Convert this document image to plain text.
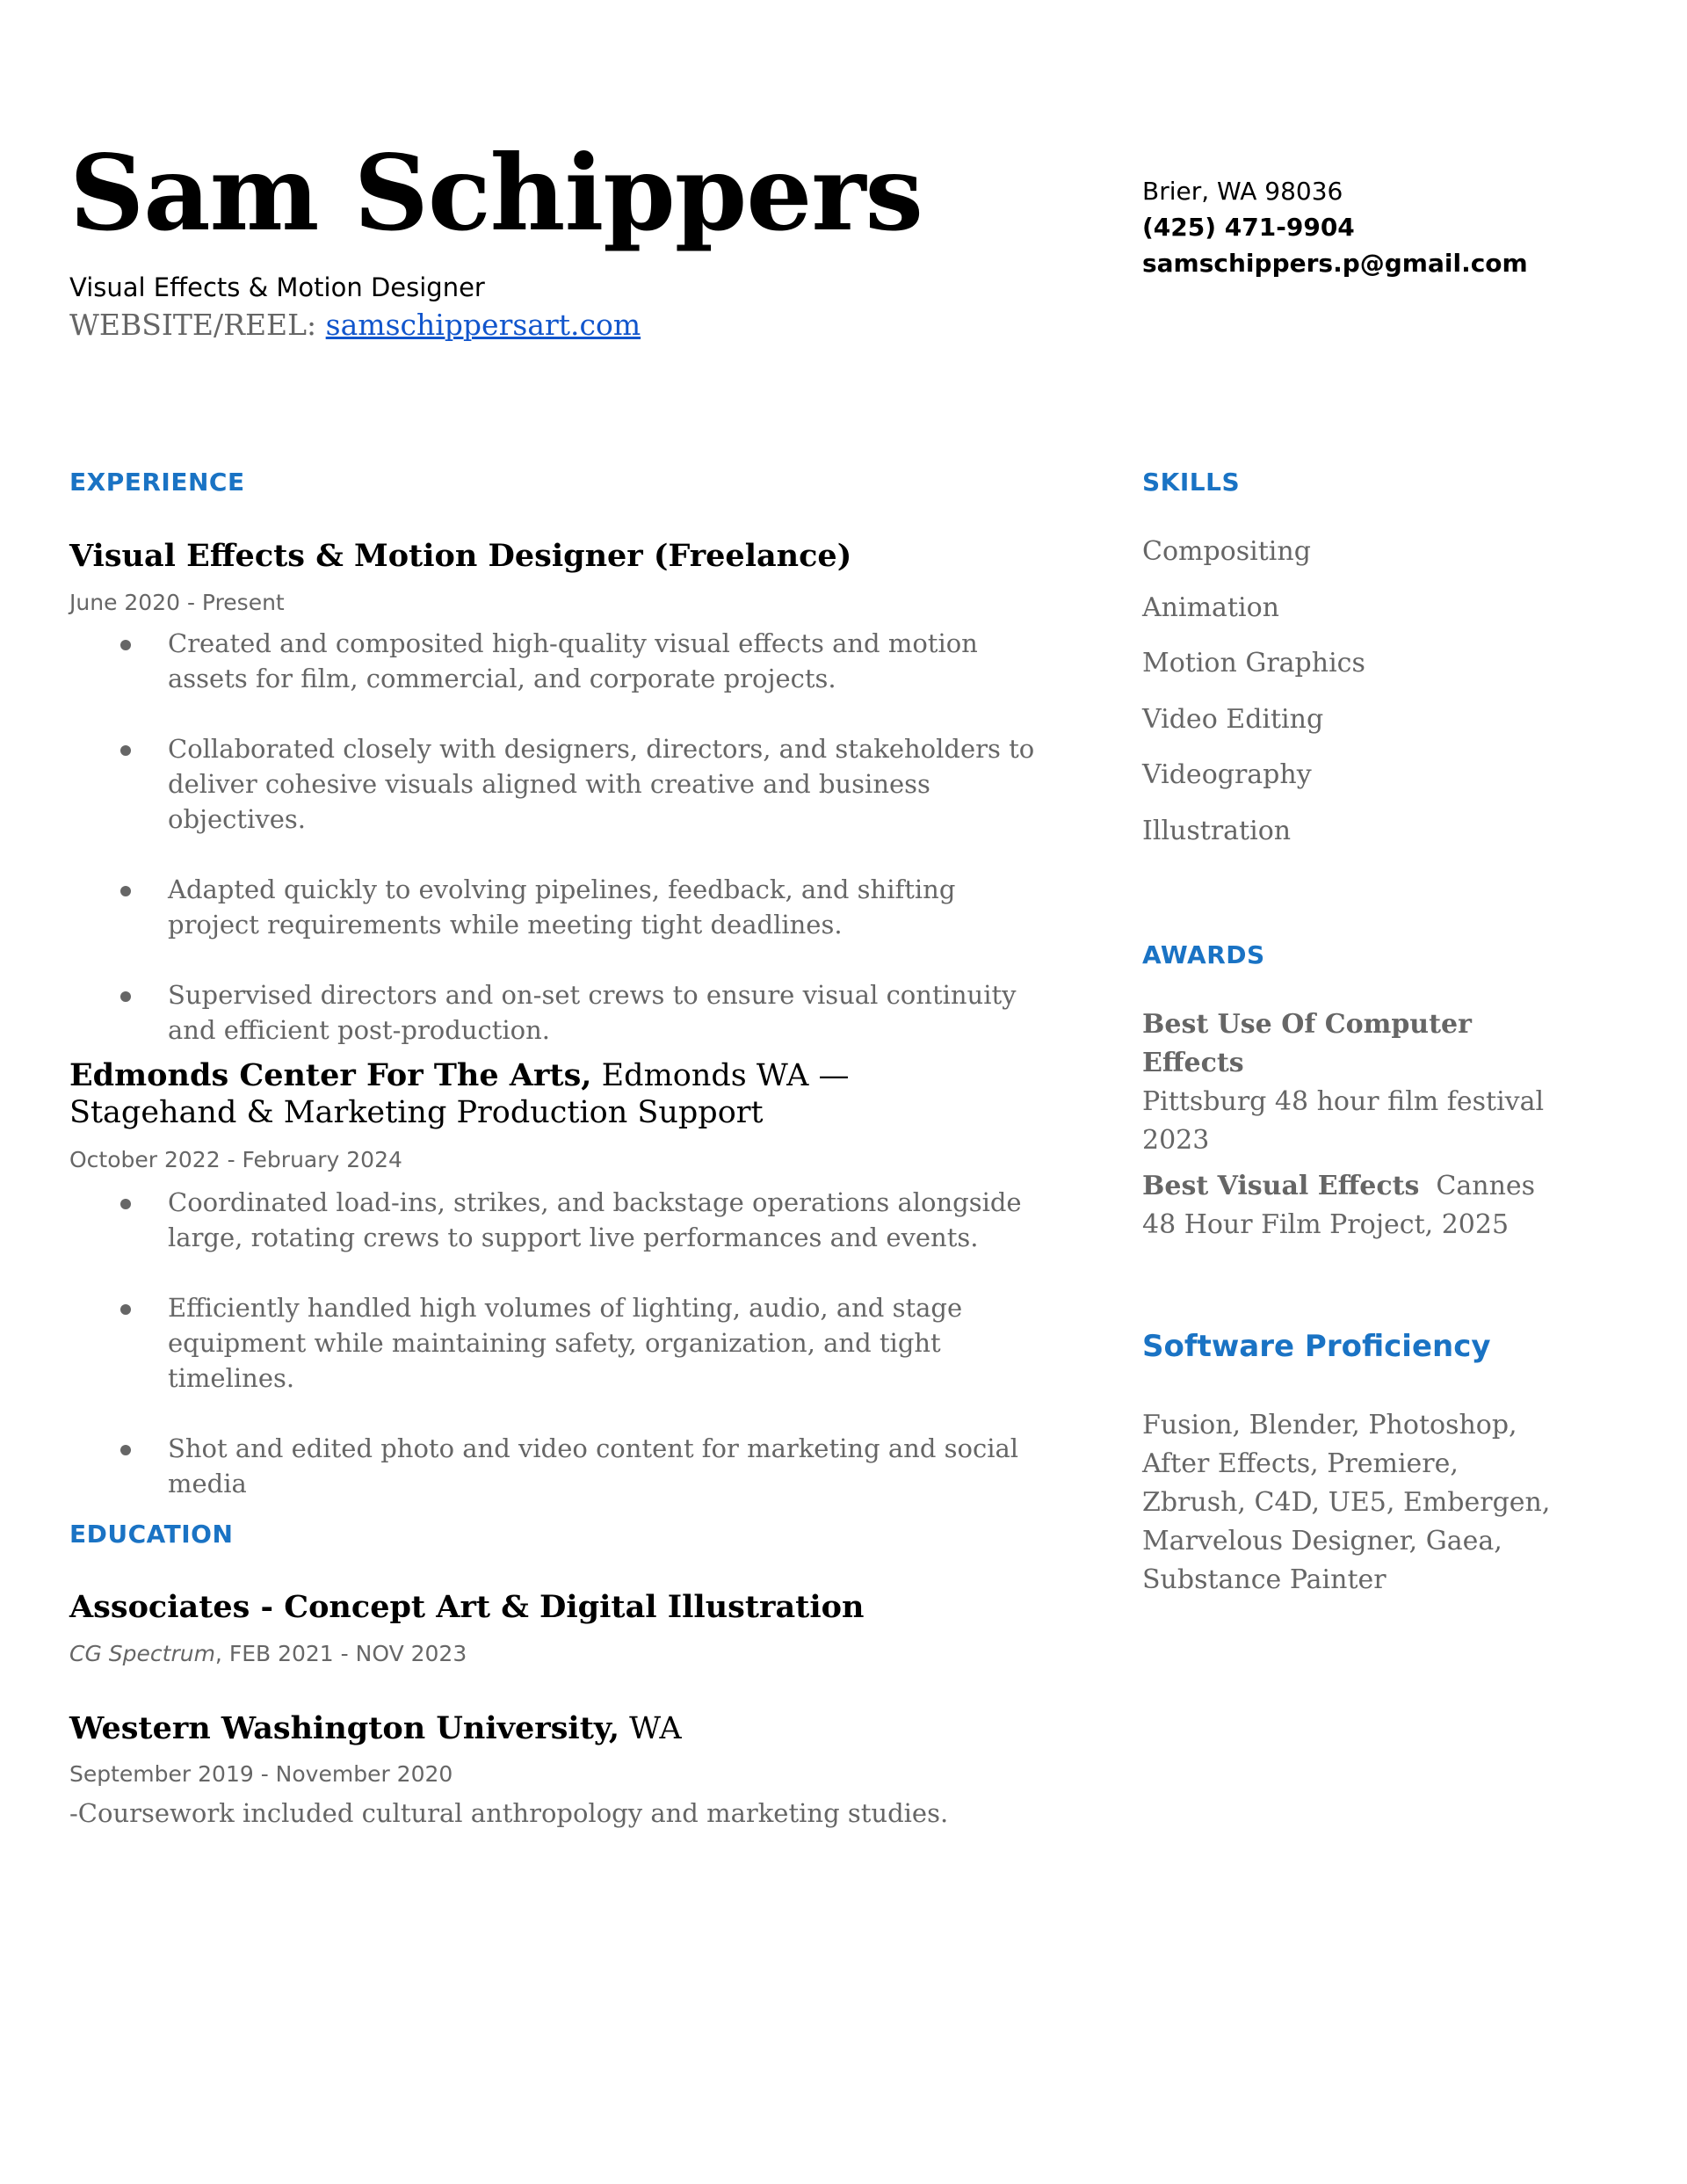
Sam Schippers
Visual Effects & Motion Designer
WEBSITE/REEL: samschippersart.com
Brier, WA 98036
(425) 471-9904
samschippers.p@gmail.com
EXPERIENCE
Visual Effects & Motion Designer (Freelance)
June 2020 - Present
Created and composited high-quality visual effects and motion assets for film, commercial, and corporate projects.
Collaborated closely with designers, directors, and stakeholders to deliver cohesive visuals aligned with creative and business objectives.
Adapted quickly to evolving pipelines, feedback, and shifting project requirements while meeting tight deadlines.
Supervised directors and on-set crews to ensure visual continuity and efficient post-production.
Edmonds Center For The Arts, Edmonds WA — Stagehand & Marketing Production Support
October 2022 - February 2024
Coordinated load-ins, strikes, and backstage operations alongside large, rotating crews to support live performances and events.
Efficiently handled high volumes of lighting, audio, and stage equipment while maintaining safety, organization, and tight timelines.
Shot and edited photo and video content for marketing and social media
EDUCATION
Associates - Concept Art & Digital Illustration
CG Spectrum, FEB 2021 - NOV 2023
Western Washington University, WA
September 2019 - November 2020
-Coursework included cultural anthropology and marketing studies.
SKILLS
Compositing
Animation
Motion Graphics
Video Editing
Videography
Illustration
AWARDS
Best Use Of Computer Effects
Pittsburg 48 hour film festival 2023
Best Visual Effects  Cannes 48 Hour Film Project, 2025
Software Proficiency
Fusion, Blender, Photoshop, After Effects, Premiere, Zbrush, C4D, UE5, Embergen, Marvelous Designer, Gaea, Substance Painter
